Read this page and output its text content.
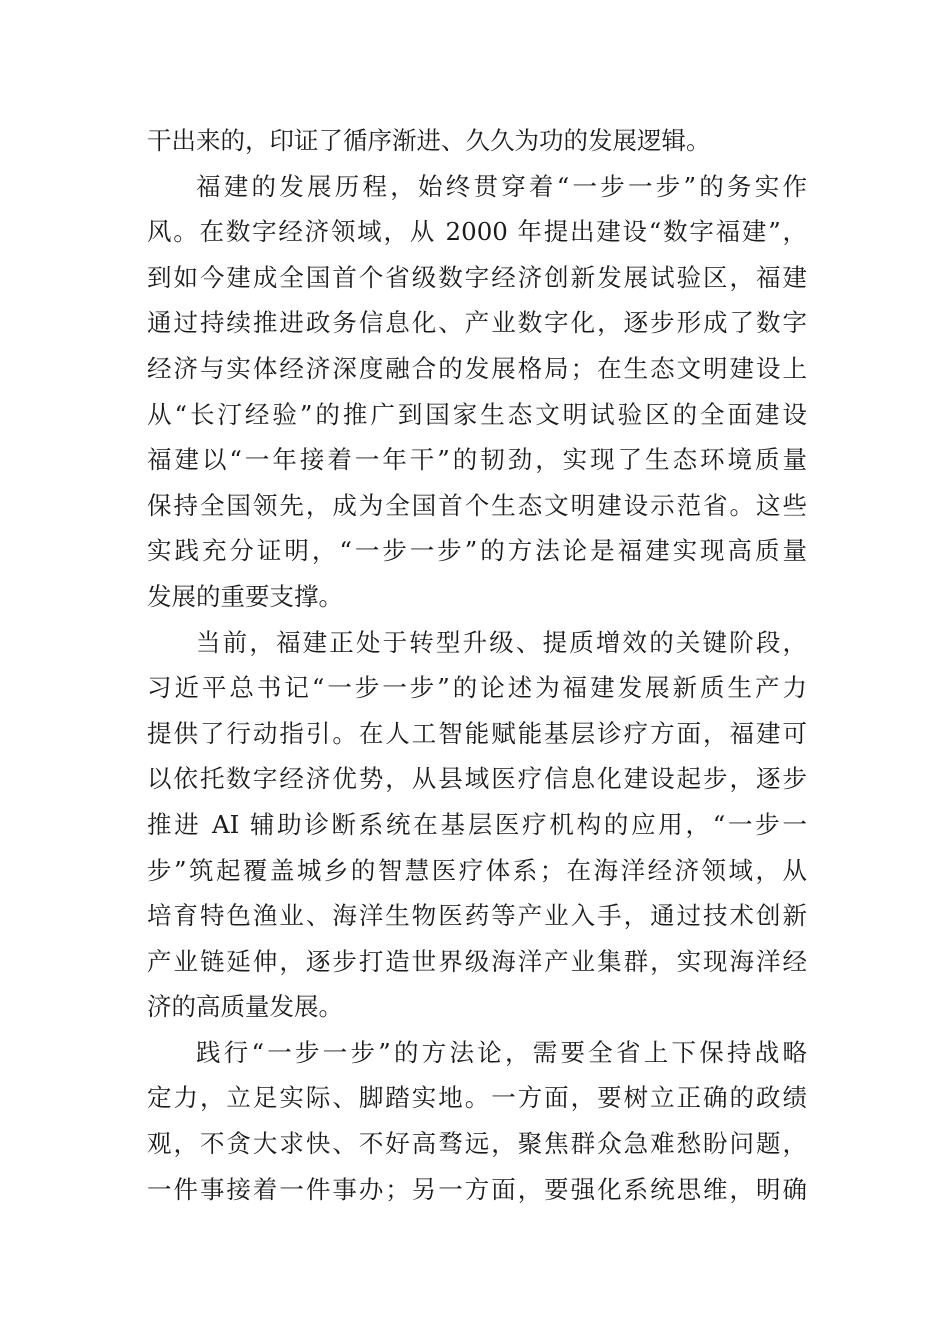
干出来的，印证了循序渐进、久久为功的发展逻辑。
福建的发展历程，始终贯穿着“一步一步”的务实作
风。在数字经济领域，从 2000 年提出建设“数字福建”，
到如今建成全国首个省级数字经济创新发展试验区，福建
通过持续推进政务信息化、产业数字化，逐步形成了数字
经济与实体经济深度融合的发展格局；在生态文明建设上
从“长汀经验”的推广到国家生态文明试验区的全面建设
福建以“一年接着一年干”的韧劲，实现了生态环境质量
保持全国领先，成为全国首个生态文明建设示范省。这些
实践充分证明，“一步一步”的方法论是福建实现高质量
发展的重要支撑。
当前，福建正处于转型升级、提质增效的关键阶段，
习近平总书记“一步一步”的论述为福建发展新质生产力
提供了行动指引。在人工智能赋能基层诊疗方面，福建可
以依托数字经济优势，从县域医疗信息化建设起步，逐步
推进 AI 辅助诊断系统在基层医疗机构的应用，“一步一
步”筑起覆盖城乡的智慧医疗体系；在海洋经济领域，从
培育特色渔业、海洋生物医药等产业入手，通过技术创新
产业链延伸，逐步打造世界级海洋产业集群，实现海洋经
济的高质量发展。
践行“一步一步”的方法论，需要全省上下保持战略
定力，立足实际、脚踏实地。一方面，要树立正确的政绩
观，不贪大求快、不好高骛远，聚焦群众急难愁盼问题，
一件事接着一件事办；另一方面，要强化系统思维，明确
